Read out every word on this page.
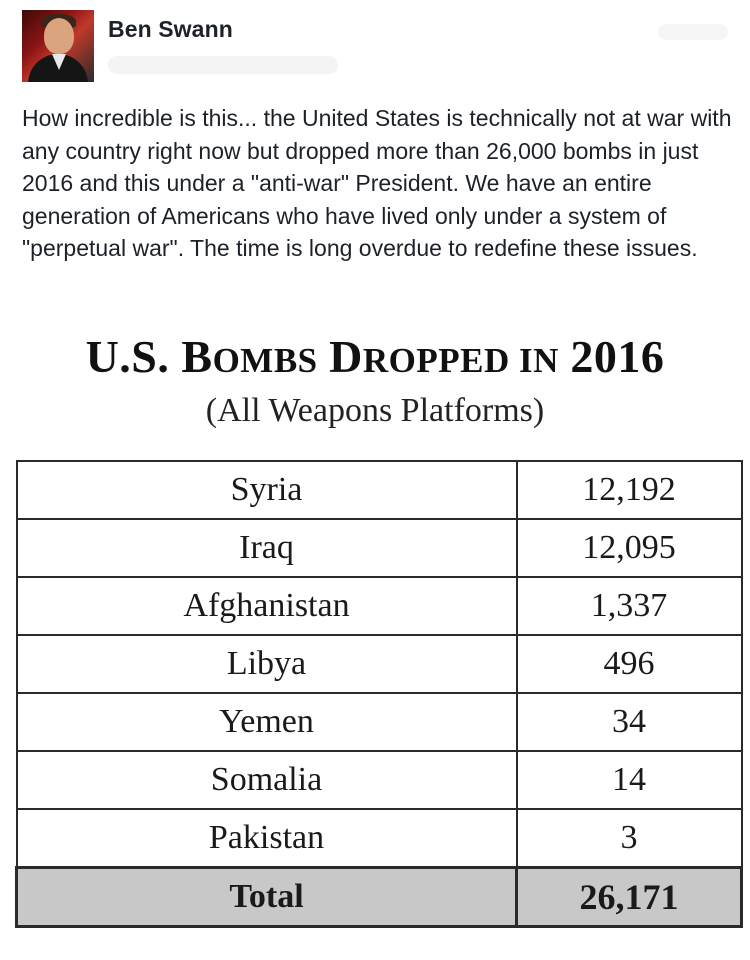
Ben Swann

How incredible is this... the United States is technically not at war with any country right now but dropped more than 26,000 bombs in just 2016 and this under a "anti-war" President. We have an entire generation of Americans who have lived only under a system of "perpetual war". The time is long overdue to redefine these issues.

U.S. BOMBS DROPPED IN 2016
(All Weapons Platforms)
Syria	12,192
Iraq	12,095
Afghanistan	1,337
Libya	496
Yemen	34
Somalia	14
Pakistan	3
Total	26,171
